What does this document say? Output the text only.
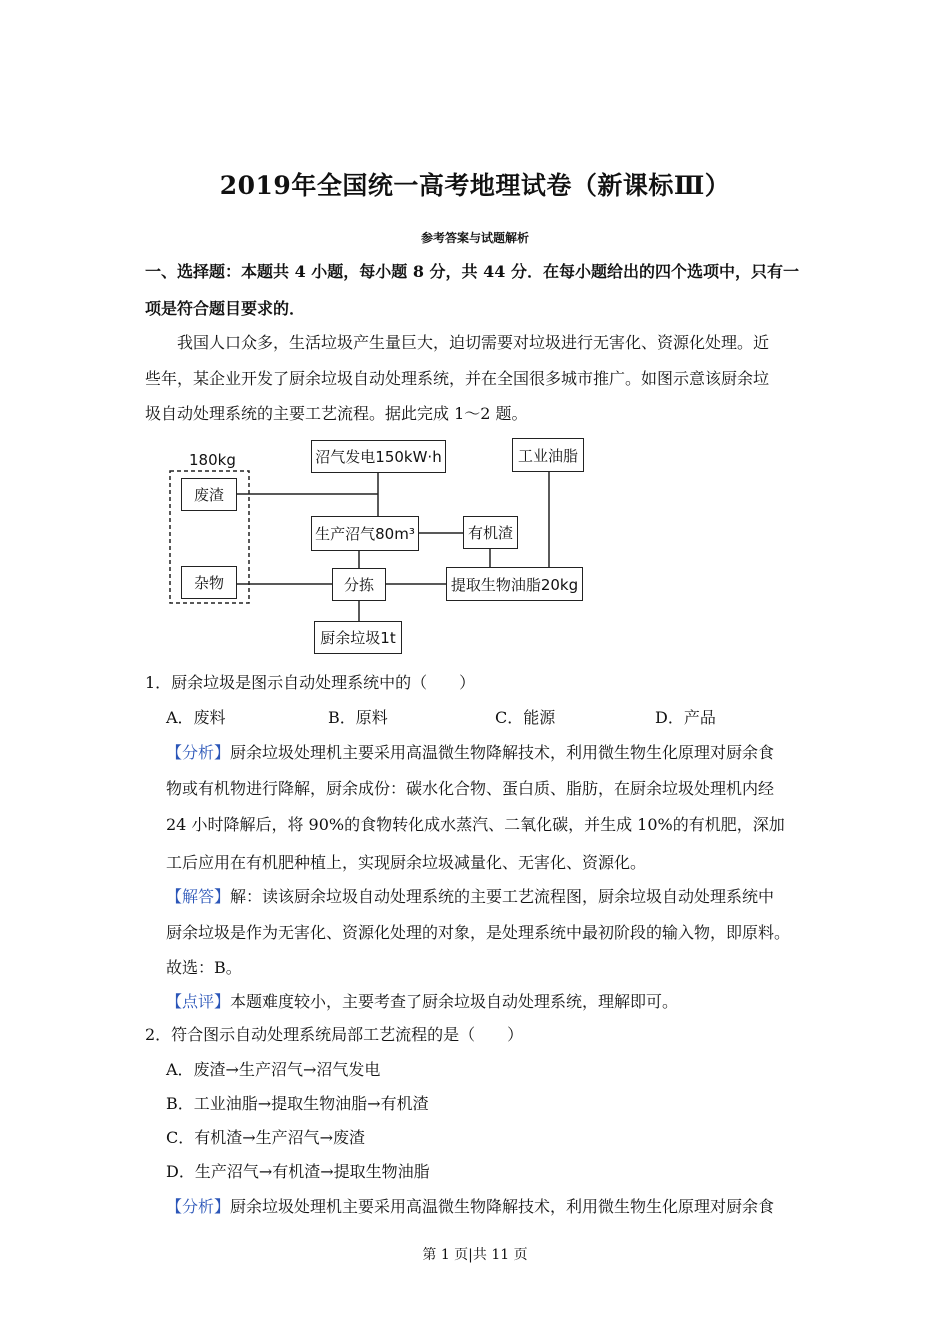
2019年全国统一高考地理试卷（新课标Ⅲ）
参考答案与试题解析
一、选择题：本题共 4 小题，每小题 8 分，共 44 分．在每小题给出的四个选项中，只有一
项是符合题目要求的．
我国人口众多，生活垃圾产生量巨大，迫切需要对垃圾进行无害化、资源化处理。近
些年，某企业开发了厨余垃圾自动处理系统，并在全国很多城市推广。如图示意该厨余垃
圾自动处理系统的主要工艺流程。据此完成 1～2 题。
180kg
废渣
杂物
沼气发电150kW·h
生产沼气80m³	有机渣
工业油脂
分拣	提取生物油脂20kg
厨余垃圾1t
1．厨余垃圾是图示自动处理系统中的（　　）
A．废料	B．原料	C．能源	D．产品
【分析】厨余垃圾处理机主要采用高温微生物降解技术，利用微生物生化原理对厨余食
物或有机物进行降解，厨余成份：碳水化合物、蛋白质、脂肪，在厨余垃圾处理机内经
24 小时降解后，将 90%的食物转化成水蒸汽、二氧化碳，并生成 10%的有机肥，深加
工后应用在有机肥种植上，实现厨余垃圾减量化、无害化、资源化。
【解答】解：读该厨余垃圾自动处理系统的主要工艺流程图，厨余垃圾自动处理系统中
厨余垃圾是作为无害化、资源化处理的对象，是处理系统中最初阶段的输入物，即原料。
故选：B。
【点评】本题难度较小，主要考查了厨余垃圾自动处理系统，理解即可。
2．符合图示自动处理系统局部工艺流程的是（　　）
A．废渣→生产沼气→沼气发电
B．工业油脂→提取生物油脂→有机渣
C．有机渣→生产沼气→废渣
D．生产沼气→有机渣→提取生物油脂
【分析】厨余垃圾处理机主要采用高温微生物降解技术，利用微生物生化原理对厨余食
第 1 页|共 11 页
